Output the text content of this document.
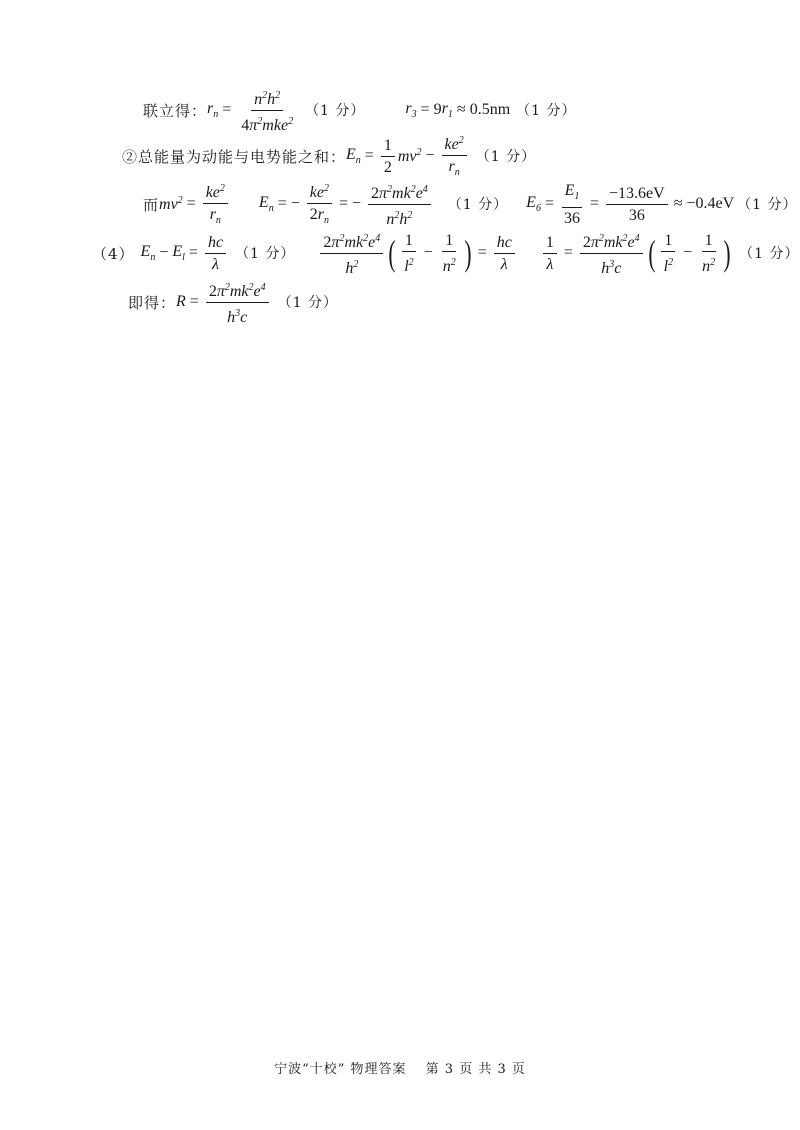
联立得： $r_n = \frac{n^2h^2}{4\pi^2mke^2} (1$ 分）	$r_3 = 9$ $r_1 \approx 0.5nm$ （1 分）
②总能量为动能与电势能之和： $E_n = \frac{1}{2} mv^2 - \frac{ke^2}{r_n} (1$ 分）
而 $mv^2 = \frac{ke^2}{r_n} E_n$ = − $\frac{ke^2}{2r_n}$ = − $\frac{2\pi^2mk^2e^4}{n^2h^2} (1$ 分） $E_6 = \frac{E_1}{36} = \frac{-13.6eV}{36} \approx -0.4eV$ （1 分）
（4） $E_n - E_l = \frac{hc}{\lambda} (1$ 分） $\frac{2\pi^2mk^2e^4}{h^2}$ ( $\frac{1}{l^2} - \frac{1}{n^2}$ ) = $\frac{hc}{\lambda} \frac{1}{\lambda} = \frac{2\pi^2mk^2e^4}{h^3c}$ ( $\frac{1}{l^2} - \frac{1}{n^2}$ ) （1 分）
即得： $R = \frac{2\pi^2mk^2e^4}{h^3c} (1$ 分）
宁波“十校” 物理答案　 第 3 页 共 3 页
